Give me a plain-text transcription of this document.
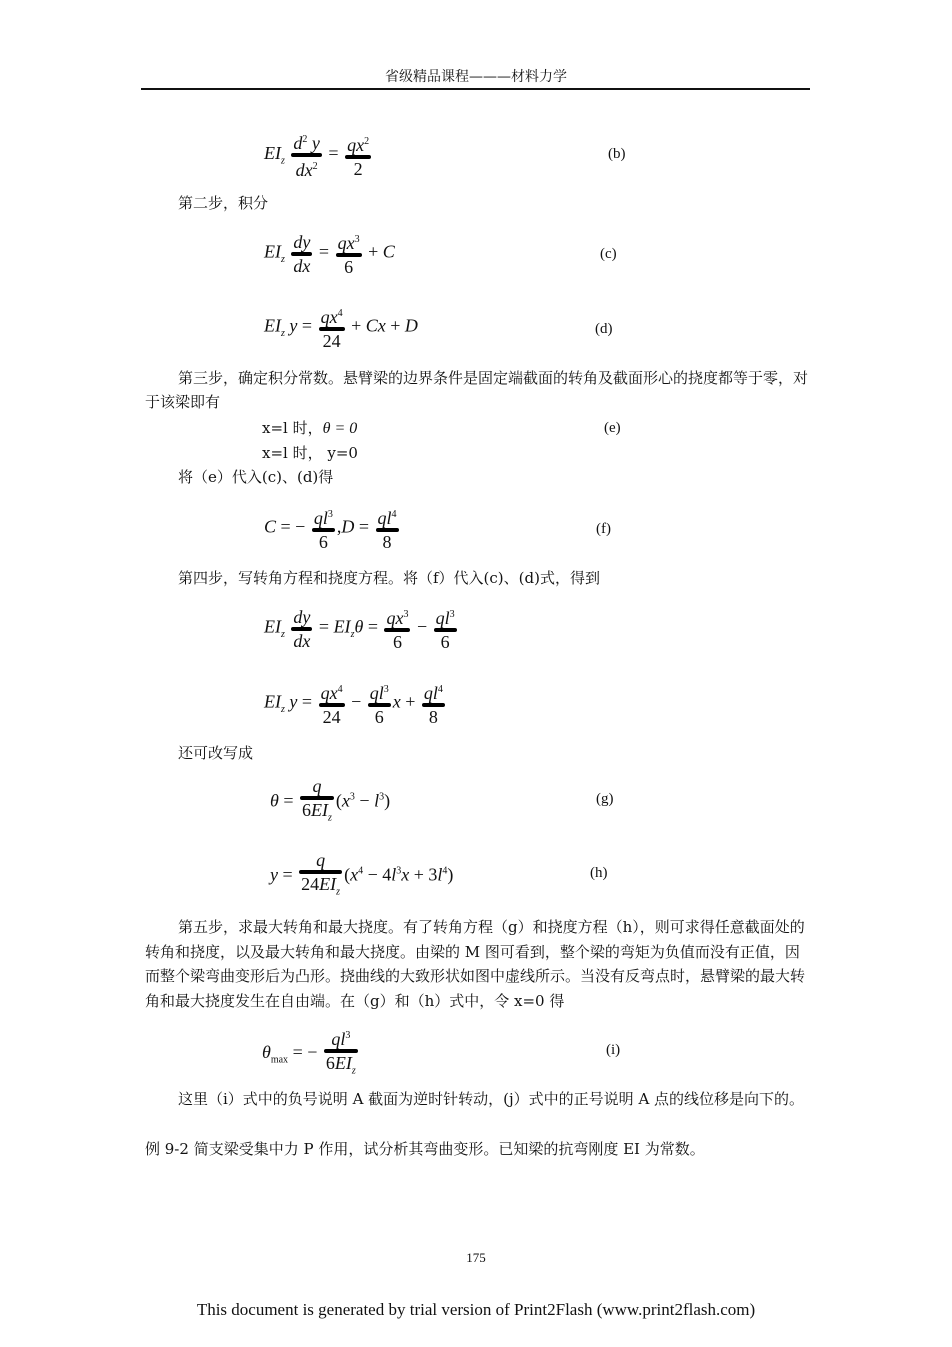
省级精品课程———材料力学
$EI_z \frac{d^2 y}{dx^2} = \frac{qx^2}{2}$	(b)
第二步，积分
$EI_z \frac{dy}{dx} = \frac{qx^3}{6} + C$	(c)
$EI_z$ $y = \frac{qx^4}{24} + Cx + D$	(d)
第三步，确定积分常数。悬臂梁的边界条件是固定端截面的转角及截面形心的挠度都等于零，对于该梁即有
x=l 时，θ = 0	(e)
x=l 时， y=0
将（e）代入(c)、(d)得
C = − $\frac{ql^3}{6} ,D = \frac{ql^4}{8}$	(f)
第四步，写转角方程和挠度方程。将（f）代入(c)、(d)式，得到
$EI_z \frac{dy}{dx} = EI_z\theta = \frac{qx^3}{6} - \frac{ql^3}{6}$
$EI_z$ $y = \frac{qx^4}{24} - \frac{ql^3}{6}$ $x + \frac{ql^4}{8}$
还可改写成
$\theta = \frac{q}{6EI_z} (x^3 - l^3)$	(g)
$y = \frac{q}{24EI_z} (x^4 - 4l^3x + 3l^4)$	(h)
第五步，求最大转角和最大挠度。有了转角方程（g）和挠度方程（h），则可求得任意截面处的转角和挠度，以及最大转角和最大挠度。由梁的 M 图可看到，整个梁的弯矩为负值而没有正值，因而整个梁弯曲变形后为凸形。挠曲线的大致形状如图中虚线所示。当没有反弯点时，悬臂梁的最大转角和最大挠度发生在自由端。在（g）和（h）式中，令 x=0 得
$\theta_{max}$ = − $\frac{ql^3}{6EI_z}$	(i)
这里（i）式中的负号说明 A 截面为逆时针转动，(j）式中的正号说明 A 点的线位移是向下的。
例 9-2 简支梁受集中力 P 作用，试分析其弯曲变形。已知梁的抗弯刚度 EI 为常数。
175
This document is generated by trial version of Print2Flash (www.print2flash.com)
